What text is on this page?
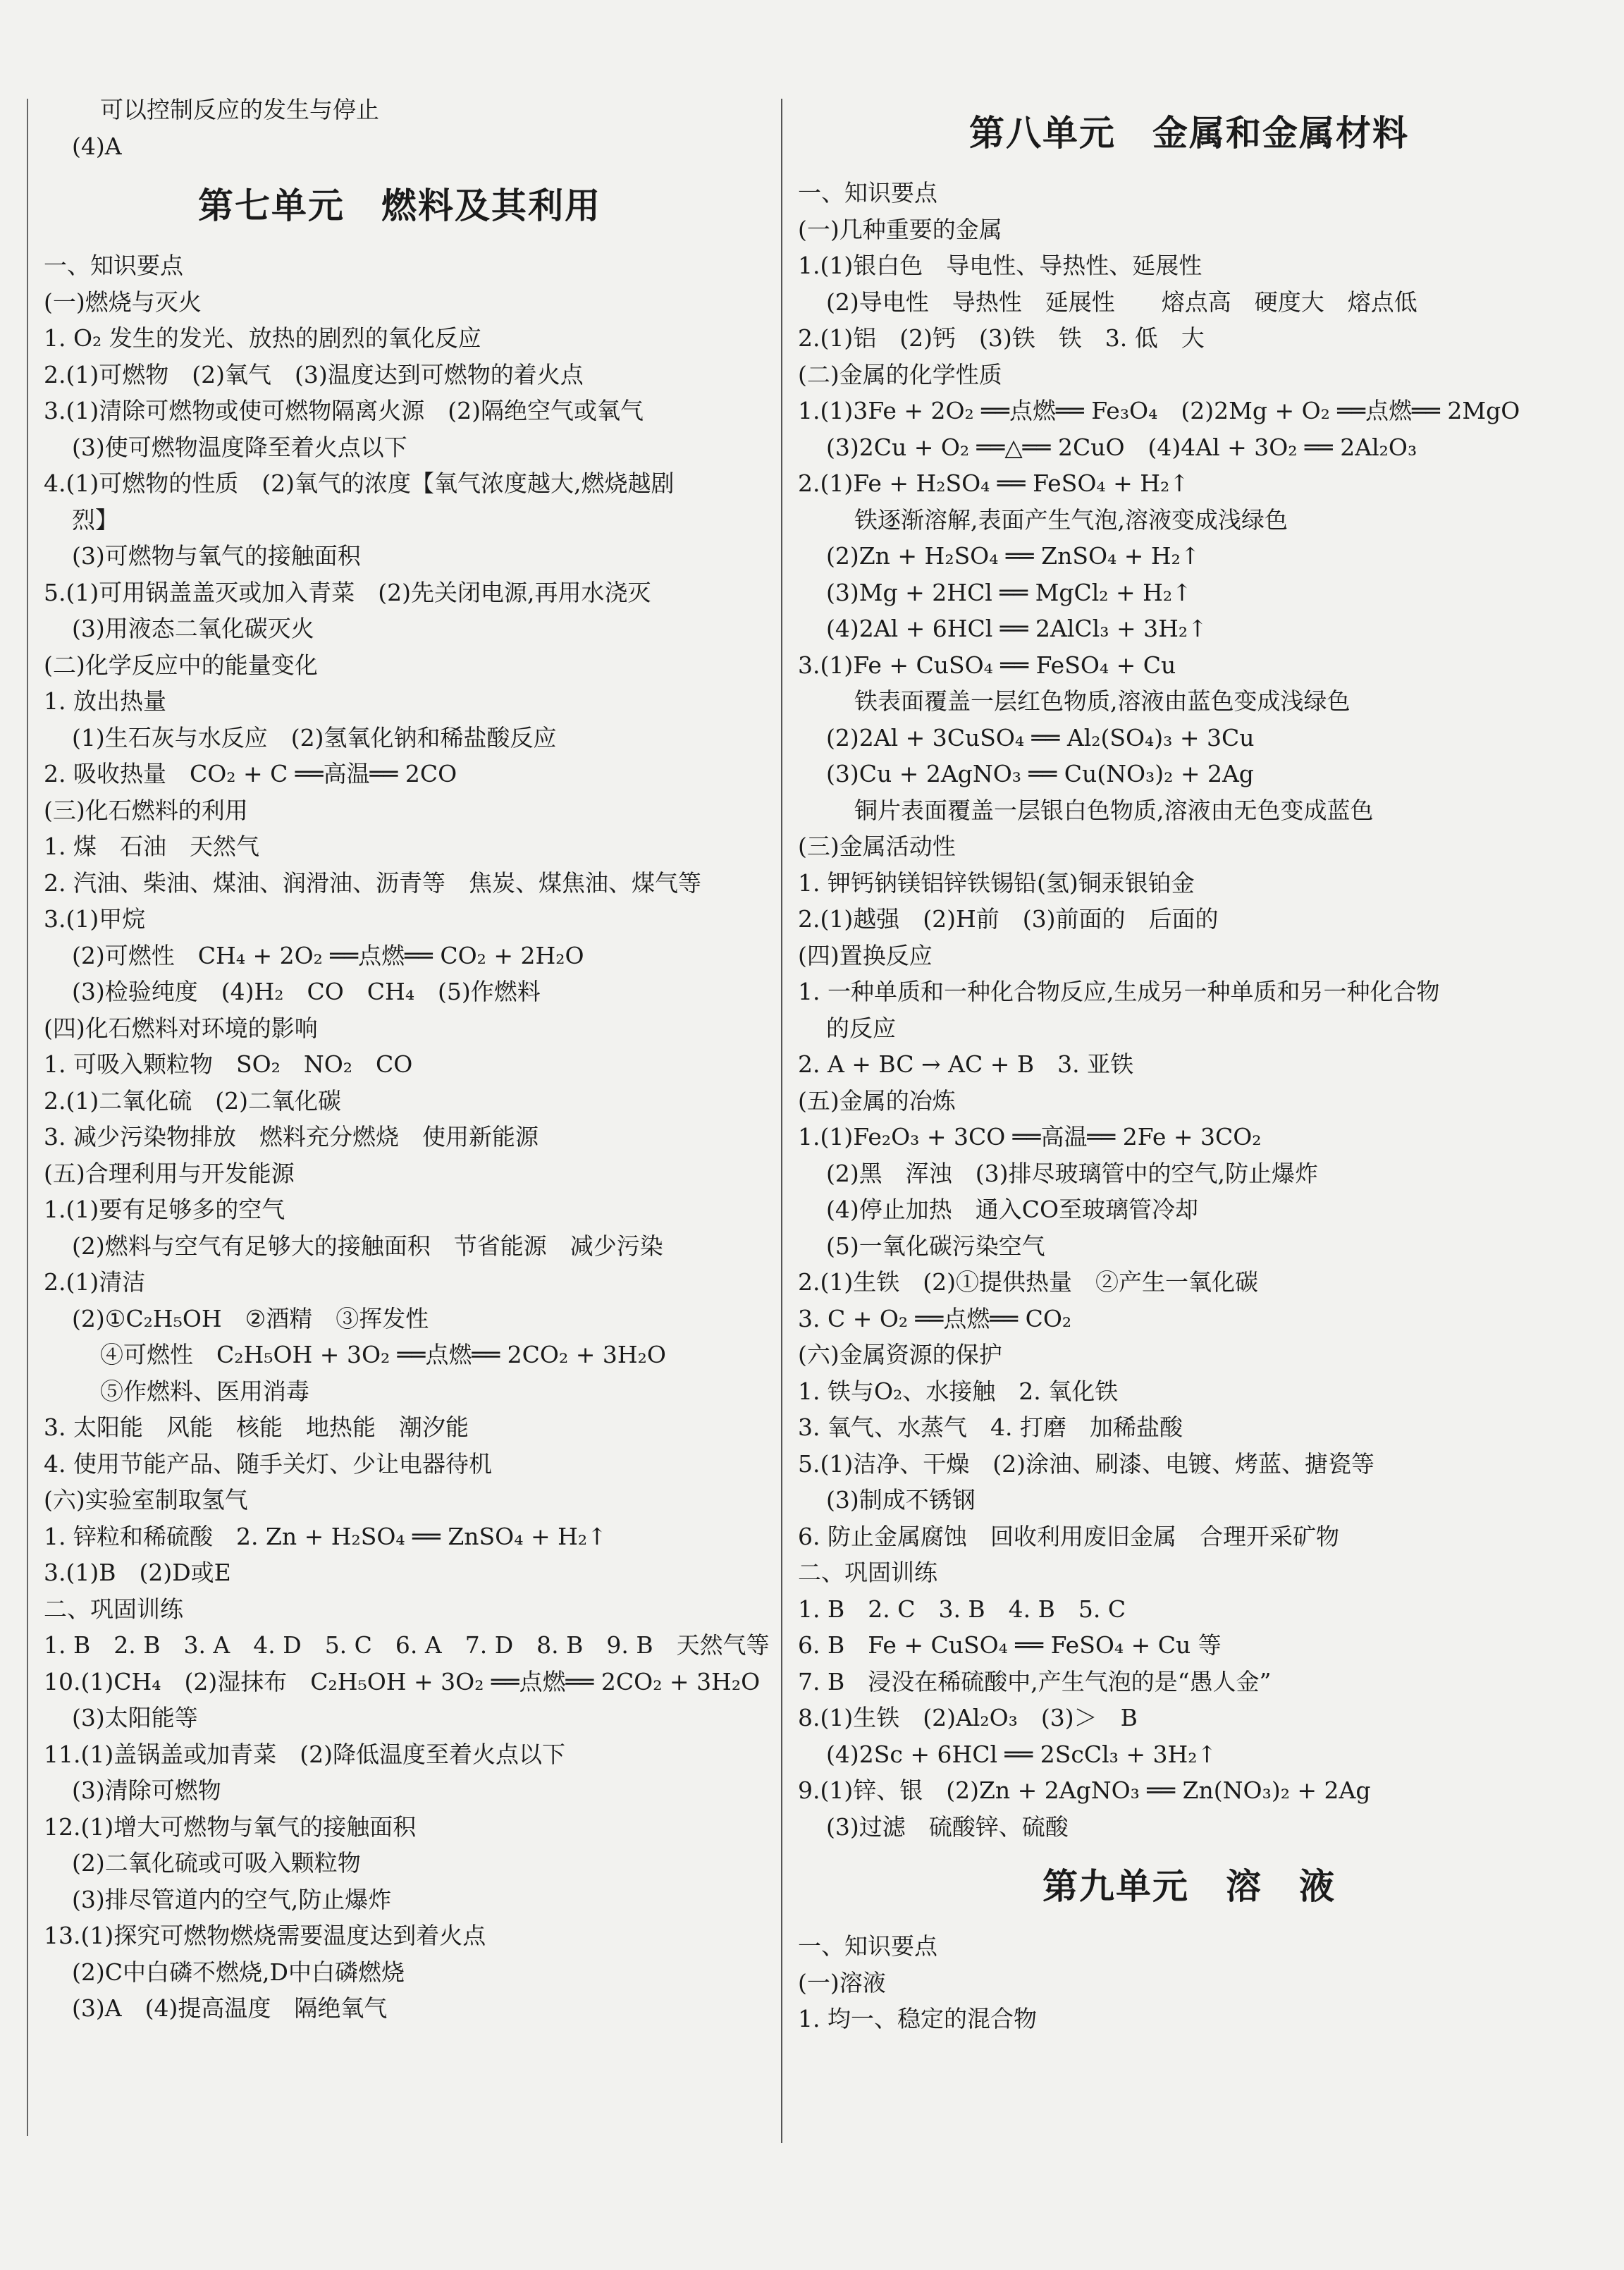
可以控制反应的发生与停止
(4)A
第七单元　燃料及其利用
一、知识要点
(一)燃烧与灭火
1. O₂ 发生的发光、放热的剧烈的氧化反应
2.(1)可燃物　(2)氧气　(3)温度达到可燃物的着火点
3.(1)清除可燃物或使可燃物隔离火源　(2)隔绝空气或氧气
(3)使可燃物温度降至着火点以下
4.(1)可燃物的性质　(2)氧气的浓度【氧气浓度越大,燃烧越剧
烈】
(3)可燃物与氧气的接触面积
5.(1)可用锅盖盖灭或加入青菜　(2)先关闭电源,再用水浇灭
(3)用液态二氧化碳灭火
(二)化学反应中的能量变化
1. 放出热量
(1)生石灰与水反应　(2)氢氧化钠和稀盐酸反应
2. 吸收热量　CO₂ + C ══高温══ 2CO
(三)化石燃料的利用
1. 煤　石油　天然气
2. 汽油、柴油、煤油、润滑油、沥青等　焦炭、煤焦油、煤气等
3.(1)甲烷
(2)可燃性　CH₄ + 2O₂ ══点燃══ CO₂ + 2H₂O
(3)检验纯度　(4)H₂　CO　CH₄　(5)作燃料
(四)化石燃料对环境的影响
1. 可吸入颗粒物　SO₂　NO₂　CO
2.(1)二氧化硫　(2)二氧化碳
3. 减少污染物排放　燃料充分燃烧　使用新能源
(五)合理利用与开发能源
1.(1)要有足够多的空气
(2)燃料与空气有足够大的接触面积　节省能源　减少污染
2.(1)清洁
(2)①C₂H₅OH　②酒精　③挥发性
④可燃性　C₂H₅OH + 3O₂ ══点燃══ 2CO₂ + 3H₂O
⑤作燃料、医用消毒
3. 太阳能　风能　核能　地热能　潮汐能
4. 使用节能产品、随手关灯、少让电器待机
(六)实验室制取氢气
1. 锌粒和稀硫酸　2. Zn + H₂SO₄ ══ ZnSO₄ + H₂↑
3.(1)B　(2)D或E
二、巩固训练
1. B　2. B　3. A　4. D　5. C　6. A　7. D　8. B　9. B　天然气等
10.(1)CH₄　(2)湿抹布　C₂H₅OH + 3O₂ ══点燃══ 2CO₂ + 3H₂O
(3)太阳能等
11.(1)盖锅盖或加青菜　(2)降低温度至着火点以下
(3)清除可燃物
12.(1)增大可燃物与氧气的接触面积
(2)二氧化硫或可吸入颗粒物
(3)排尽管道内的空气,防止爆炸
13.(1)探究可燃物燃烧需要温度达到着火点
(2)C中白磷不燃烧,D中白磷燃烧
(3)A　(4)提高温度　隔绝氧气
第八单元　金属和金属材料
一、知识要点
(一)几种重要的金属
1.(1)银白色　导电性、导热性、延展性
(2)导电性　导热性　延展性　　熔点高　硬度大　熔点低
2.(1)铝　(2)钙　(3)铁　铁　3. 低　大
(二)金属的化学性质
1.(1)3Fe + 2O₂ ══点燃══ Fe₃O₄　(2)2Mg + O₂ ══点燃══ 2MgO
(3)2Cu + O₂ ══△══ 2CuO　(4)4Al + 3O₂ ══ 2Al₂O₃
2.(1)Fe + H₂SO₄ ══ FeSO₄ + H₂↑
铁逐渐溶解,表面产生气泡,溶液变成浅绿色
(2)Zn + H₂SO₄ ══ ZnSO₄ + H₂↑
(3)Mg + 2HCl ══ MgCl₂ + H₂↑
(4)2Al + 6HCl ══ 2AlCl₃ + 3H₂↑
3.(1)Fe + CuSO₄ ══ FeSO₄ + Cu
铁表面覆盖一层红色物质,溶液由蓝色变成浅绿色
(2)2Al + 3CuSO₄ ══ Al₂(SO₄)₃ + 3Cu
(3)Cu + 2AgNO₃ ══ Cu(NO₃)₂ + 2Ag
铜片表面覆盖一层银白色物质,溶液由无色变成蓝色
(三)金属活动性
1. 钾钙钠镁铝锌铁锡铅(氢)铜汞银铂金
2.(1)越强　(2)H前　(3)前面的　后面的
(四)置换反应
1. 一种单质和一种化合物反应,生成另一种单质和另一种化合物
的反应
2. A + BC → AC + B　3. 亚铁
(五)金属的冶炼
1.(1)Fe₂O₃ + 3CO ══高温══ 2Fe + 3CO₂
(2)黑　浑浊　(3)排尽玻璃管中的空气,防止爆炸
(4)停止加热　通入CO至玻璃管冷却
(5)一氧化碳污染空气
2.(1)生铁　(2)①提供热量　②产生一氧化碳
3. C + O₂ ══点燃══ CO₂
(六)金属资源的保护
1. 铁与O₂、水接触　2. 氧化铁
3. 氧气、水蒸气　4. 打磨　加稀盐酸
5.(1)洁净、干燥　(2)涂油、刷漆、电镀、烤蓝、搪瓷等
(3)制成不锈钢
6. 防止金属腐蚀　回收利用废旧金属　合理开采矿物
二、巩固训练
1. B　2. C　3. B　4. B　5. C
6. B　Fe + CuSO₄ ══ FeSO₄ + Cu 等
7. B　浸没在稀硫酸中,产生气泡的是“愚人金”
8.(1)生铁　(2)Al₂O₃　(3)＞　B
(4)2Sc + 6HCl ══ 2ScCl₃ + 3H₂↑
9.(1)锌、银　(2)Zn + 2AgNO₃ ══ Zn(NO₃)₂ + 2Ag
(3)过滤　硫酸锌、硫酸
第九单元　溶　液
一、知识要点
(一)溶液
1. 均一、稳定的混合物
